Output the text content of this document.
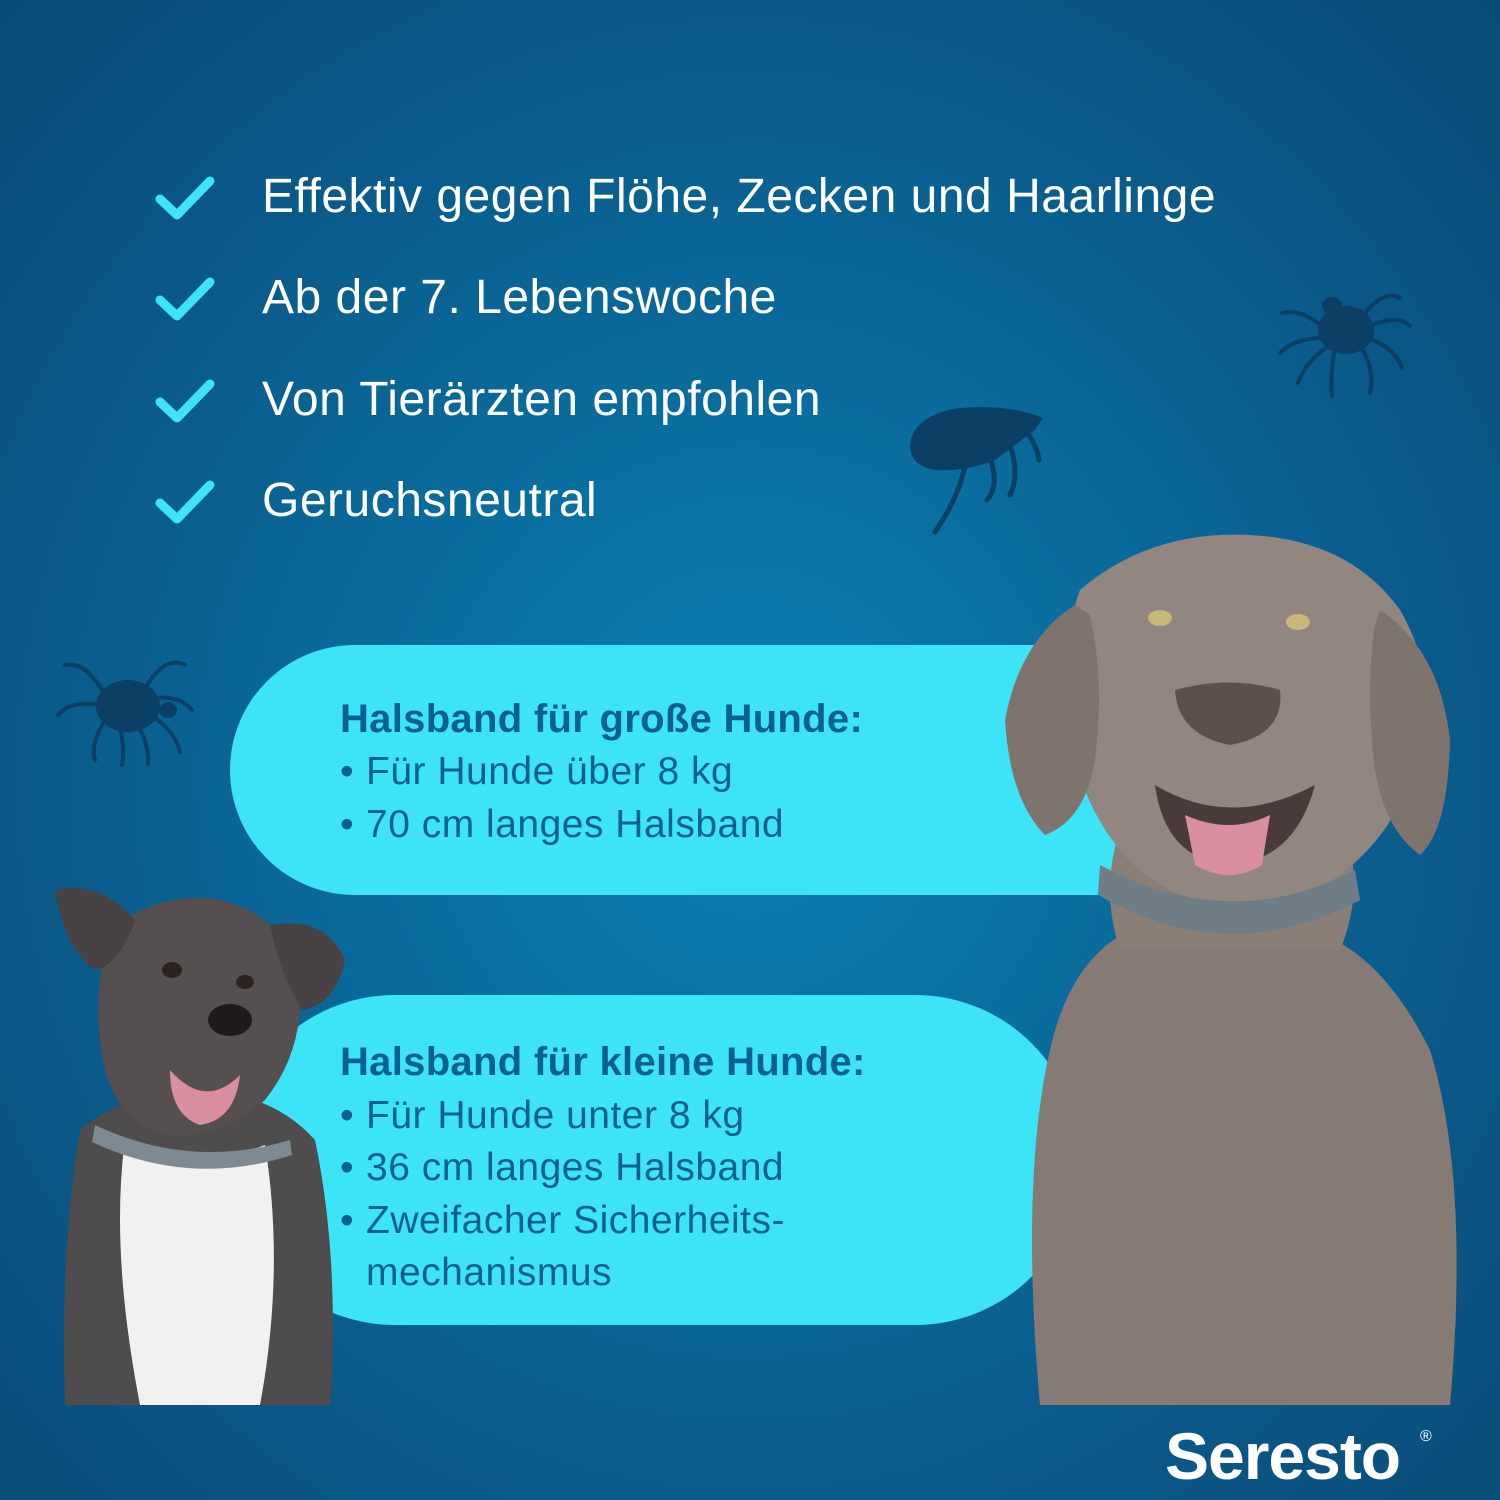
Effektiv gegen Flöhe, Zecken und Haarlinge
Ab der 7. Lebenswoche
Von Tierärzten empfohlen
Geruchsneutral
Halsband für große Hunde:
• Für Hunde über 8 kg
• 70 cm langes Halsband
Halsband für kleine Hunde:
• Für Hunde unter 8 kg
• 36 cm langes Halsband
• Zweifacher Sicherheits-
mechanismus
Seresto ®
